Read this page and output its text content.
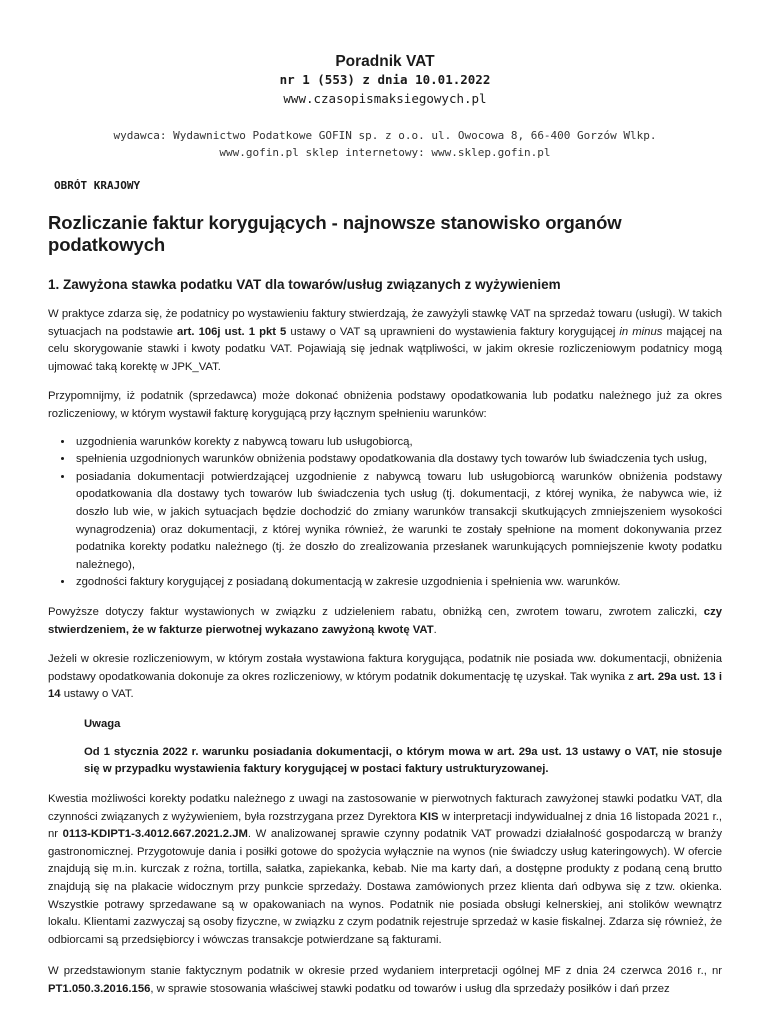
Poradnik VAT
nr 1 (553) z dnia 10.01.2022
www.czasopismaksiegowych.pl
wydawca: Wydawnictwo Podatkowe GOFIN sp. z o.o. ul. Owocowa 8, 66-400 Gorzów Wlkp.
www.gofin.pl sklep internetowy: www.sklep.gofin.pl
OBRÓT KRAJOWY
Rozliczanie faktur korygujących - najnowsze stanowisko organów podatkowych
1. Zawyżona stawka podatku VAT dla towarów/usług związanych z wyżywieniem

W praktyce zdarza się, że podatnicy po wystawieniu faktury stwierdzają, że zawyżyli stawkę VAT na sprzedaż towaru (usługi). W takich sytuacjach na podstawie art. 106j ust. 1 pkt 5 ustawy o VAT są uprawnieni do wystawienia faktury korygującej in minus mającej na celu skorygowanie stawki i kwoty podatku VAT. Pojawiają się jednak wątpliwości, w jakim okresie rozliczeniowym podatnicy mogą ujmować taką korektę w JPK_VAT.

Przypomnijmy, iż podatnik (sprzedawca) może dokonać obniżenia podstawy opodatkowania lub podatku należnego już za okres rozliczeniowy, w którym wystawił fakturę korygującą przy łącznym spełnieniu warunków:

• uzgodnienia warunków korekty z nabywcą towaru lub usługobiorcą,
• spełnienia uzgodnionych warunków obniżenia podstawy opodatkowania dla dostawy tych towarów lub świadczenia tych usług,
• posiadania dokumentacji potwierdzającej uzgodnienie z nabywcą towaru lub usługobiorcą warunków obniżenia podstawy opodatkowania dla dostawy tych towarów lub świadczenia tych usług (tj. dokumentacji, z której wynika, że nabywca wie, iż doszło lub wie, w jakich sytuacjach będzie dochodzić do zmiany warunków transakcji skutkujących zmniejszeniem wysokości wynagrodzenia) oraz dokumentacji, z której wynika również, że warunki te zostały spełnione na moment dokonywania przez podatnika korekty podatku należnego (tj. że doszło do zrealizowania przesłanek warunkujących pomniejszenie kwoty podatku należnego),
• zgodności faktury korygującej z posiadaną dokumentacją w zakresie uzgodnienia i spełnienia ww. warunków.

Powyższe dotyczy faktur wystawionych w związku z udzieleniem rabatu, obniżką cen, zwrotem towaru, zwrotem zaliczki, czy stwierdzeniem, że w fakturze pierwotnej wykazano zawyżoną kwotę VAT.

Jeżeli w okresie rozliczeniowym, w którym została wystawiona faktura korygująca, podatnik nie posiada ww. dokumentacji, obniżenia podstawy opodatkowania dokonuje za okres rozliczeniowy, w którym podatnik dokumentację tę uzyskał. Tak wynika z art. 29a ust. 13 i 14 ustawy o VAT.

Uwaga
Od 1 stycznia 2022 r. warunku posiadania dokumentacji, o którym mowa w art. 29a ust. 13 ustawy o VAT, nie stosuje się w przypadku wystawienia faktury korygującej w postaci faktury ustrukturyzowanej.

Kwestia możliwości korekty podatku należnego z uwagi na zastosowanie w pierwotnych fakturach zawyżonej stawki podatku VAT, dla czynności związanych z wyżywieniem, była rozstrzygana przez Dyrektora KIS w interpretacji indywidualnej z dnia 16 listopada 2021 r., nr 0113-KDIPT1-3.4012.667.2021.2.JM. W analizowanej sprawie czynny podatnik VAT prowadzi działalność gospodarczą w branży gastronomicznej. Przygotowuje dania i posiłki gotowe do spożycia wyłącznie na wynos (nie świadczy usług kateringowych). W ofercie znajdują się m.in. kurczak z rożna, tortilla, sałatka, zapiekanka, kebab. Nie ma karty dań, a dostępne produkty z podaną ceną brutto znajdują się na plakacie widocznym przy punkcie sprzedaży. Dostawa zamówionych przez klienta dań odbywa się z tzw. okienka. Wszystkie potrawy sprzedawane są w opakowaniach na wynos. Podatnik nie posiada obsługi kelnerskiej, ani stolików wewnątrz lokalu. Klientami zazwyczaj są osoby fizyczne, w związku z czym podatnik rejestruje sprzedaż w kasie fiskalnej. Zdarza się również, że odbiorcami są przedsiębiorcy i wówczas transakcje potwierdzane są fakturami.

W przedstawionym stanie faktycznym podatnik w okresie przed wydaniem interpretacji ogólnej MF z dnia 24 czerwca 2016 r., nr PT1.050.3.2016.156, w sprawie stosowania właściwej stawki podatku od towarów i usług dla sprzedaży posiłków i dań przez
